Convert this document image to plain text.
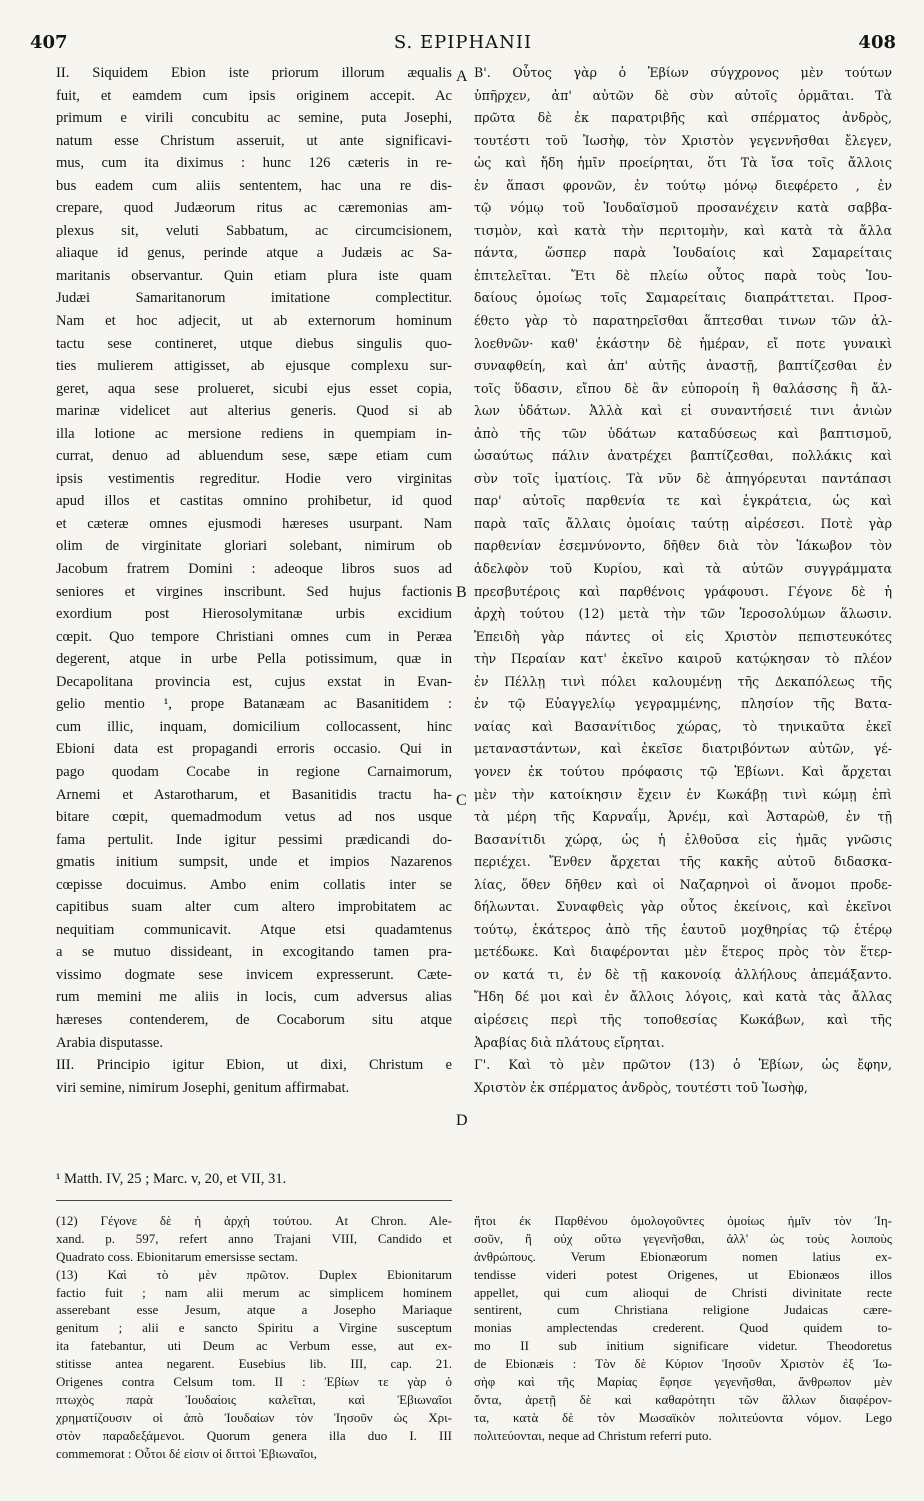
407	S. EPIPHANII	408
II. Siquidem Ebion iste priorum illorum æqualis
fuit, et eamdem cum ipsis originem accepit. Ac
primum e virili concubitu ac semine, puta Josephi,
natum esse Christum asseruit, ut ante significavi-
mus, cum ita diximus : hunc 126 cæteris in re-
bus eadem cum aliis sententem, hac una re dis-
crepare, quod Judæorum ritus ac cæremonias am-
plexus sit, veluti Sabbatum, ac circumcisionem,
aliaque id genus, perinde atque a Judæis ac Sa-
maritanis observantur. Quin etiam plura iste quam
Judæi Samaritanorum imitatione complectitur.
Nam et hoc adjecit, ut ab externorum hominum
tactu sese contineret, utque diebus singulis quo-
ties mulierem attigisset, ab ejusque complexu sur-
geret, aqua sese prolueret, sicubi ejus esset copia,
marinæ videlicet aut alterius generis. Quod si ab
illa lotione ac mersione rediens in quempiam in-
currat, denuo ad abluendum sese, sæpe etiam cum
ipsis vestimentis regreditur. Hodie vero virginitas
apud illos et castitas omnino prohibetur, id quod
et cæteræ omnes ejusmodi hæreses usurpant. Nam
olim de virginitate gloriari solebant, nimirum ob
Jacobum fratrem Domini : adeoque libros suos ad
seniores et virgines inscribunt. Sed hujus factionis
exordium post Hierosolymitanæ urbis excidium
cœpit. Quo tempore Christiani omnes cum in Peræa
degerent, atque in urbe Pella potissimum, quæ in
Decapolitana provincia est, cujus exstat in Evan-
gelio mentio ¹, prope Batanæam ac Basanitidem :
cum illic, inquam, domicilium collocassent, hinc
Ebioni data est propagandi erroris occasio. Qui in
pago quodam Cocabe in regione Carnaimorum,
Arnemi et Astarotharum, et Basanitidis tractu ha-
bitare cœpit, quemadmodum vetus ad nos usque
fama pertulit. Inde igitur pessimi prædicandi do-
gmatis initium sumpsit, unde et impios Nazarenos
cœpisse docuimus. Ambo enim collatis inter se
capitibus suam alter cum altero improbitatem ac
nequitiam communicavit. Atque etsi quadamtenus
a se mutuo dissideant, in excogitando tamen pra-
vissimo dogmate sese invicem expresserunt. Cæte-
rum memini me aliis in locis, cum adversus alias
hæreses contenderem, de Cocaborum situ atque
Arabia disputasse.
III. Principio igitur Ebion, ut dixi, Christum e
viri semine, nimirum Josephi, genitum affirmabat.
Β'. Οὗτος γὰρ ὁ Ἐβίων σύγχρονος μὲν τούτων
ὑπῆρχεν, ἀπ' αὐτῶν δὲ σὺν αὐτοῖς ὁρμᾶται. Τὰ
πρῶτα δὲ ἐκ παρατριβῆς καὶ σπέρματος ἀνδρὸς,
τουτέστι τοῦ Ἰωσὴφ, τὸν Χριστὸν γεγεννῆσθαι ἔλεγεν,
ὡς καὶ ἤδη ἡμῖν προείρηται, ὅτι Τὰ ἴσα τοῖς ἄλλοις
ἐν ἅπασι φρονῶν, ἐν τούτῳ μόνῳ διεφέρετο , ἐν
τῷ νόμῳ τοῦ Ἰουδαϊσμοῦ προσανέχειν κατὰ σαββα-
τισμὸν, καὶ κατὰ τὴν περιτομὴν, καὶ κατὰ τὰ ἄλλα
πάντα, ὥσπερ παρὰ Ἰουδαίοις καὶ Σαμαρείταις
ἐπιτελεῖται. Ἔτι δὲ πλείω οὗτος παρὰ τοὺς Ἰου-
δαίους ὁμοίως τοῖς Σαμαρείταις διαπράττεται. Προσ-
έθετο γὰρ τὸ παρατηρεῖσθαι ἅπτεσθαι τινων τῶν ἀλ-
λοεθνῶν· καθ' ἑκάστην δὲ ἡμέραν, εἴ ποτε γυναικὶ
συναφθείη, καὶ ἀπ' αὐτῆς ἀναστῇ, βαπτίζεσθαι ἐν
τοῖς ὕδασιν, εἴπου δὲ ἂν εὐποροίη ἢ θαλάσσης ἢ ἄλ-
λων ὑδάτων. Ἀλλὰ καὶ εἰ συναντήσειέ τινι ἀνιὼν
ἀπὸ τῆς τῶν ὑδάτων καταδύσεως καὶ βαπτισμοῦ,
ὡσαύτως πάλιν ἀνατρέχει βαπτίζεσθαι, πολλάκις καὶ
σὺν τοῖς ἱματίοις. Τὰ νῦν δὲ ἀπηγόρευται παντάπασι
παρ' αὐτοῖς παρθενία τε καὶ ἐγκράτεια, ὡς καὶ
παρὰ ταῖς ἄλλαις ὁμοίαις ταύτῃ αἱρέσεσι. Ποτὲ γὰρ
παρθενίαν ἐσεμνύνοντο, δῆθεν διὰ τὸν Ἰάκωβον τὸν
ἀδελφὸν τοῦ Κυρίου, καὶ τὰ αὐτῶν συγγράμματα
πρεσβυτέροις καὶ παρθένοις γράφουσι. Γέγονε δὲ ἡ
ἀρχὴ τούτου (12) μετὰ τὴν τῶν Ἱεροσολύμων ἅλωσιν.
Ἐπειδὴ γὰρ πάντες οἱ εἰς Χριστὸν πεπιστευκότες
τὴν Περαίαν κατ' ἐκεῖνο καιροῦ κατῴκησαν τὸ πλέον
ἐν Πέλλῃ τινὶ πόλει καλουμένῃ τῆς Δεκαπόλεως τῆς
ἐν τῷ Εὐαγγελίῳ γεγραμμένης, πλησίον τῆς Βατα-
ναίας καὶ Βασανίτιδος χώρας, τὸ τηνικαῦτα ἐκεῖ
μεταναστάντων, καὶ ἐκεῖσε διατριβόντων αὐτῶν, γέ-
γονεν ἐκ τούτου πρόφασις τῷ Ἐβίωνι. Καὶ ἄρχεται
μὲν τὴν κατοίκησιν ἔχειν ἐν Κωκάβῃ τινὶ κώμῃ ἐπὶ
τὰ μέρη τῆς Καρναΐμ, Ἀρνέμ, καὶ Ἀσταρὼθ, ἐν τῇ
Βασανίτιδι χώρᾳ, ὡς ἡ ἐλθοῦσα εἰς ἡμᾶς γνῶσις
περιέχει. Ἔνθεν ἄρχεται τῆς κακῆς αὐτοῦ διδασκα-
λίας, ὅθεν δῆθεν καὶ οἱ Ναζαρηνοὶ οἱ ἄνομοι προδε-
δήλωνται. Συναφθεὶς γὰρ οὗτος ἐκείνοις, καὶ ἐκεῖνοι
τούτῳ, ἑκάτερος ἀπὸ τῆς ἑαυτοῦ μοχθηρίας τῷ ἑτέρῳ
μετέδωκε. Καὶ διαφέρονται μὲν ἕτερος πρὸς τὸν ἕτερ-
ον κατά τι, ἐν δὲ τῇ κακονοίᾳ ἀλλήλους ἀπεμάξαντο.
Ἤδη δέ μοι καὶ ἐν ἄλλοις λόγοις, καὶ κατὰ τὰς ἄλλας
αἱρέσεις περὶ τῆς τοποθεσίας Κωκάβων, καὶ τῆς
Ἀραβίας διὰ πλάτους εἴρηται.
Γ'. Καὶ τὸ μὲν πρῶτον (13) ὁ Ἐβίων, ὡς ἔφην,
Χριστὸν ἐκ σπέρματος ἀνδρὸς, τουτέστι τοῦ Ἰωσὴφ,
A
B
C
D
¹ Matth. IV, 25 ; Marc. v, 20, et VII, 31.
(12) Γέγονε δὲ ἡ ἀρχὴ τούτου. At Chron. Ale-
xand. p. 597, refert anno Trajani VIII, Candido et
Quadrato coss. Ebionitarum emersisse sectam.
(13) Καὶ τὸ μὲν πρῶτον. Duplex Ebionitarum
factio fuit ; nam alii merum ac simplicem hominem
asserebant esse Jesum, atque a Josepho Mariaque
genitum ; alii e sancto Spiritu a Virgine susceptum
ita fatebantur, uti Deum ac Verbum esse, aut ex-
stitisse antea negarent. Eusebius lib. III, cap. 21.
Origenes contra Celsum tom. II : Ἐβίων τε γὰρ ὁ
πτωχὸς παρὰ Ἰουδαίοις καλεῖται, καὶ Ἐβιωναῖοι
χρηματίζουσιν οἱ ἀπὸ Ἰουδαίων τὸν Ἰησοῦν ὡς Χρι-
στὸν παραδεξάμενοι. Quorum genera illa duo I. III
commemorat : Οὗτοι δέ εἰσιν οἱ διττοὶ Ἐβιωναῖοι,
ἤτοι ἐκ Παρθένου ὁμολογοῦντες ὁμοίως ἡμῖν τὸν Ἰη-
σοῦν, ἢ οὐχ οὕτω γεγενῆσθαι, ἀλλ' ὡς τοὺς λοιποὺς
ἀνθρώπους. Verum Ebionæorum nomen latius ex-
tendisse videri potest Origenes, ut Ebionæos illos
appellet, qui cum alioqui de Christi divinitate recte
sentirent, cum Christiana religione Judaicas cære-
monias amplectendas crederent. Quod quidem to-
mo II sub initium significare videtur. Theodoretus
de Ebionæis : Τὸν δὲ Κύριον Ἰησοῦν Χριστὸν ἐξ Ἰω-
σὴφ καὶ τῆς Μαρίας ἔφησε γεγενῆσθαι, ἄνθρωπον μὲν
ὄντα, ἀρετῇ δὲ καὶ καθαρότητι τῶν ἄλλων διαφέρον-
τα, κατὰ δὲ τὸν Μωσαϊκὸν πολιτεύοντα νόμον. Lego
πολιτεύονται, neque ad Christum referri puto.
